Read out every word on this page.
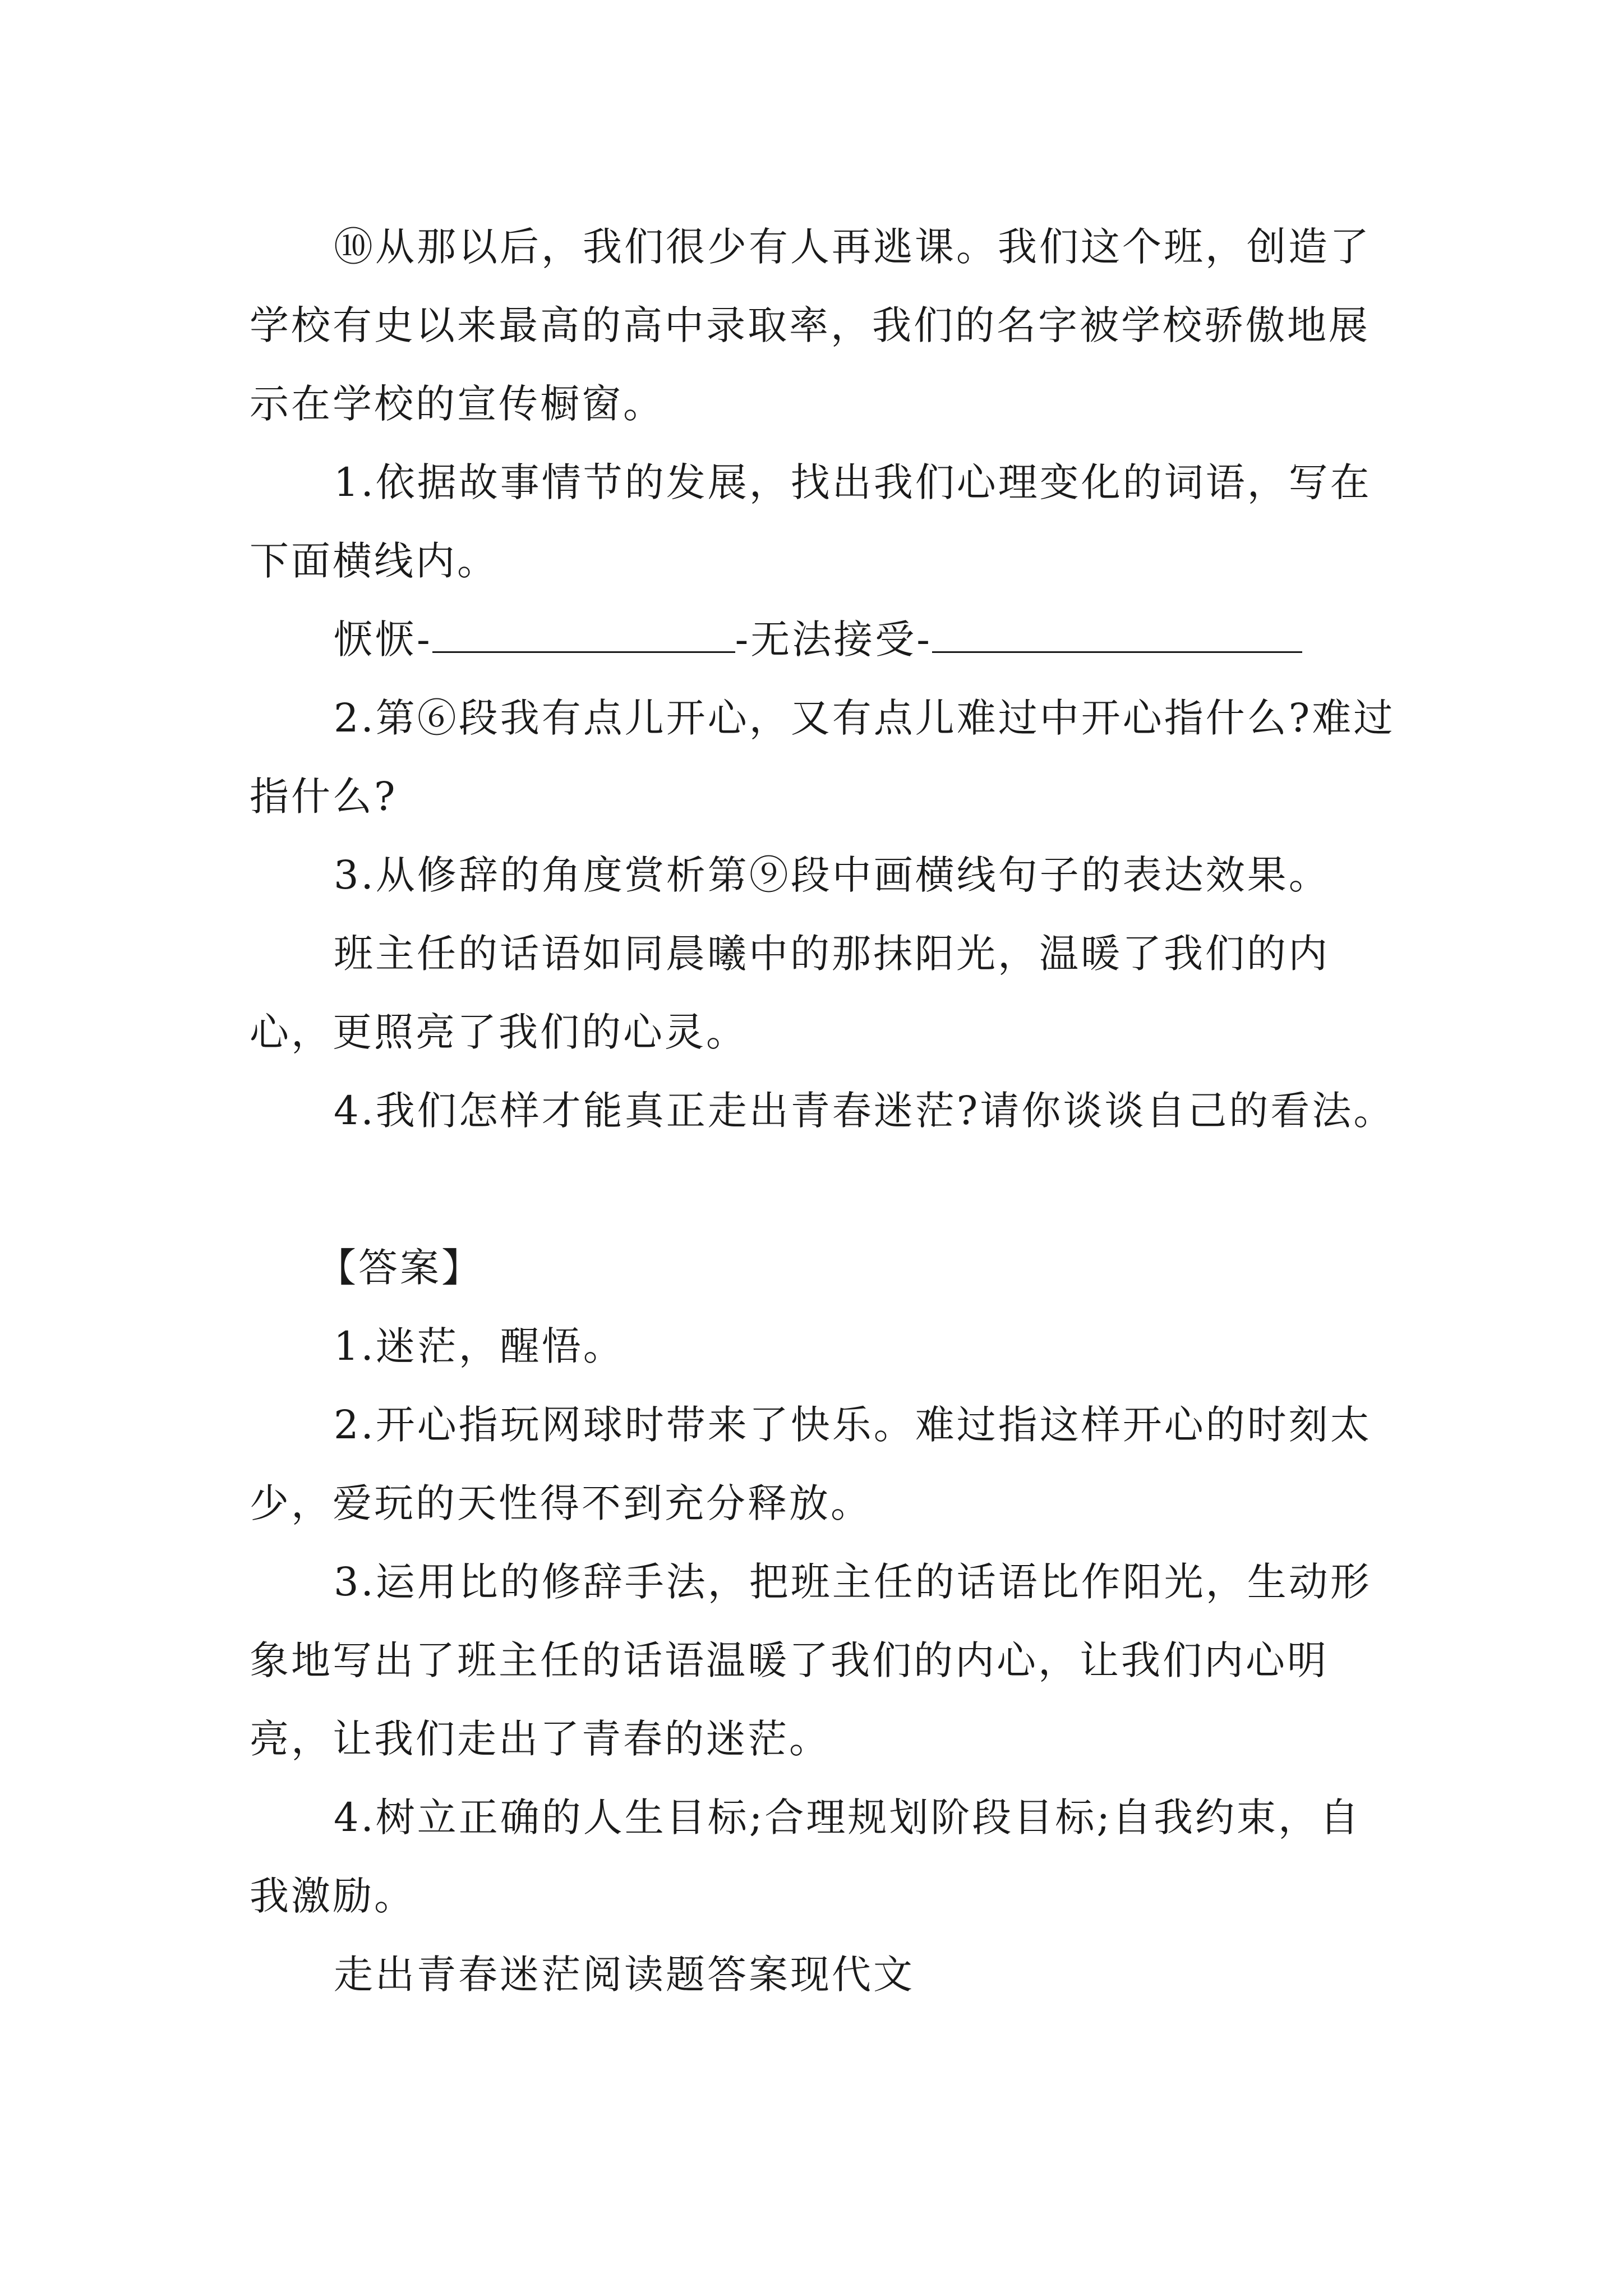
⑩从那以后，我们很少有人再逃课。我们这个班，创造了学校有史以来最高的高中录取率，我们的名字被学校骄傲地展示在学校的宣传橱窗。

1.依据故事情节的发展，找出我们心理变化的词语，写在下面横线内。

恹恹-	-无法接受-

2.第⑥段我有点儿开心，又有点儿难过中开心指什么?难过指什么?

3.从修辞的角度赏析第⑨段中画横线句子的表达效果。

班主任的话语如同晨曦中的那抹阳光，温暖了我们的内心，更照亮了我们的心灵。

4.我们怎样才能真正走出青春迷茫?请你谈谈自己的看法。

【答案】

1.迷茫，醒悟。

2.开心指玩网球时带来了快乐。难过指这样开心的时刻太少，爱玩的天性得不到充分释放。

3.运用比的修辞手法，把班主任的话语比作阳光，生动形象地写出了班主任的话语温暖了我们的内心，让我们内心明亮，让我们走出了青春的迷茫。

4.树立正确的人生目标;合理规划阶段目标;自我约束，自我激励。

走出青春迷茫阅读题答案现代文
